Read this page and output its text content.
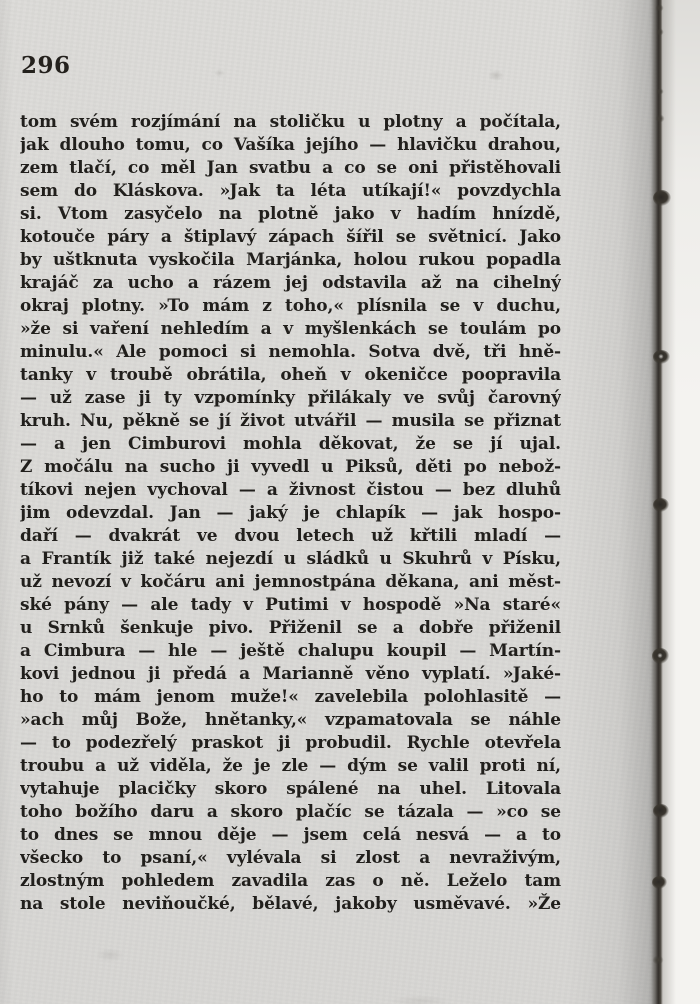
296
tom svém rozjímání na stoličku u plotny a počítala,
jak dlouho tomu, co Vašíka jejího — hlavičku drahou,
zem tlačí, co měl Jan svatbu a co se oni přistěhovali
sem do Kláskova. »Jak ta léta utíkají!« povzdychla
si. Vtom zasyčelo na plotně jako v hadím hnízdě,
kotouče páry a štiplavý zápach šířil se světnicí. Jako
by uštknuta vyskočila Marjánka, holou rukou popadla
krajáč za ucho a rázem jej odstavila až na cihelný
okraj plotny. »To mám z toho,« plísnila se v duchu,
»že si vaření nehledím a v myšlenkách se toulám po
minulu.« Ale pomoci si nemohla. Sotva dvě, tři hně-
tanky v troubě obrátila, oheň v okeničce poopravila
— už zase ji ty vzpomínky přilákaly ve svůj čarovný
kruh. Nu, pěkně se jí život utvářil — musila se přiznat
— a jen Cimburovi mohla děkovat, že se jí ujal.
Z močálu na sucho ji vyvedl u Piksů, děti po nebož-
tíkovi nejen vychoval — a živnost čistou — bez dluhů
jim odevzdal. Jan — jaký je chlapík — jak hospo-
daří — dvakrát ve dvou letech už křtili mladí —
a Frantík již také nejezdí u sládků u Skuhrů v Písku,
už nevozí v kočáru ani jemnostpána děkana, ani měst-
ské pány — ale tady v Putimi v hospodě »Na staré«
u Srnků šenkuje pivo. Přiženil se a dobře přiženil
a Cimbura — hle — ještě chalupu koupil — Martín-
kovi jednou ji předá a Marianně věno vyplatí. »Jaké-
ho to mám jenom muže!« zavelebila polohlasitě —
»ach můj Bože, hnětanky,« vzpamatovala se náhle
— to podezřelý praskot ji probudil. Rychle otevřela
troubu a už viděla, že je zle — dým se valil proti ní,
vytahuje placičky skoro spálené na uhel. Litovala
toho božího daru a skoro plačíc se tázala — »co se
to dnes se mnou děje — jsem celá nesvá — a to
všecko to psaní,« vylévala si zlost a nevraživým,
zlostným pohledem zavadila zas o ně. Leželo tam
na stole neviňoučké, bělavé, jakoby usměvavé. »Že
